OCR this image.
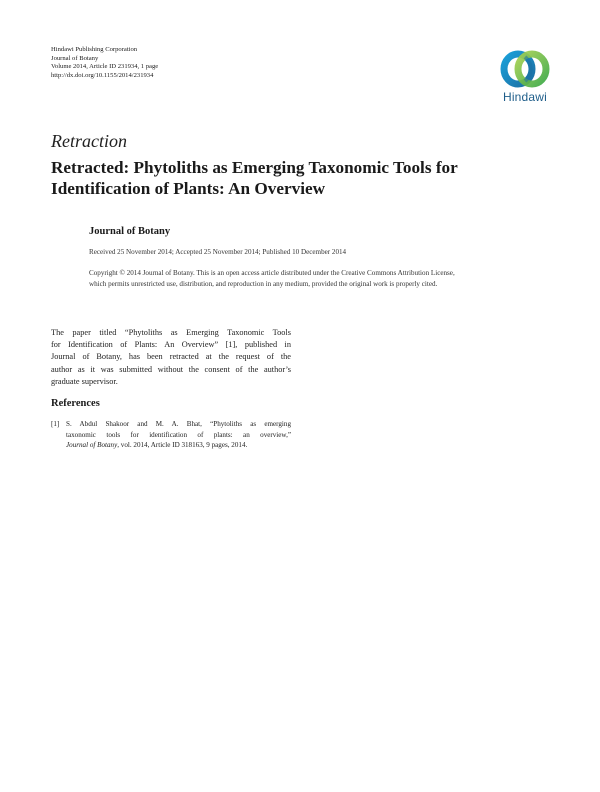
Hindawi Publishing Corporation
Journal of Botany
Volume 2014, Article ID 231934, 1 page
http://dx.doi.org/10.1155/2014/231934
Hindawi
Retraction
Retracted: Phytoliths as Emerging Taxonomic Tools for
Identification of Plants: An Overview
Journal of Botany
Received 25 November 2014; Accepted 25 November 2014; Published 10 December 2014
Copyright © 2014 Journal of Botany. This is an open access article distributed under the Creative Commons Attribution License,
which permits unrestricted use, distribution, and reproduction in any medium, provided the original work is properly cited.
The paper titled “Phytoliths as Emerging Taxonomic Tools
for Identification of Plants: An Overview” [1], published in
Journal of Botany, has been retracted at the request of the
author as it was submitted without the consent of the author’s
graduate supervisor.
References
[1] S. Abdul Shakoor and M. A. Bhat, “Phytoliths as emerging
taxonomic tools for identification of plants: an overview,”
Journal of Botany, vol. 2014, Article ID 318163, 9 pages, 2014.
